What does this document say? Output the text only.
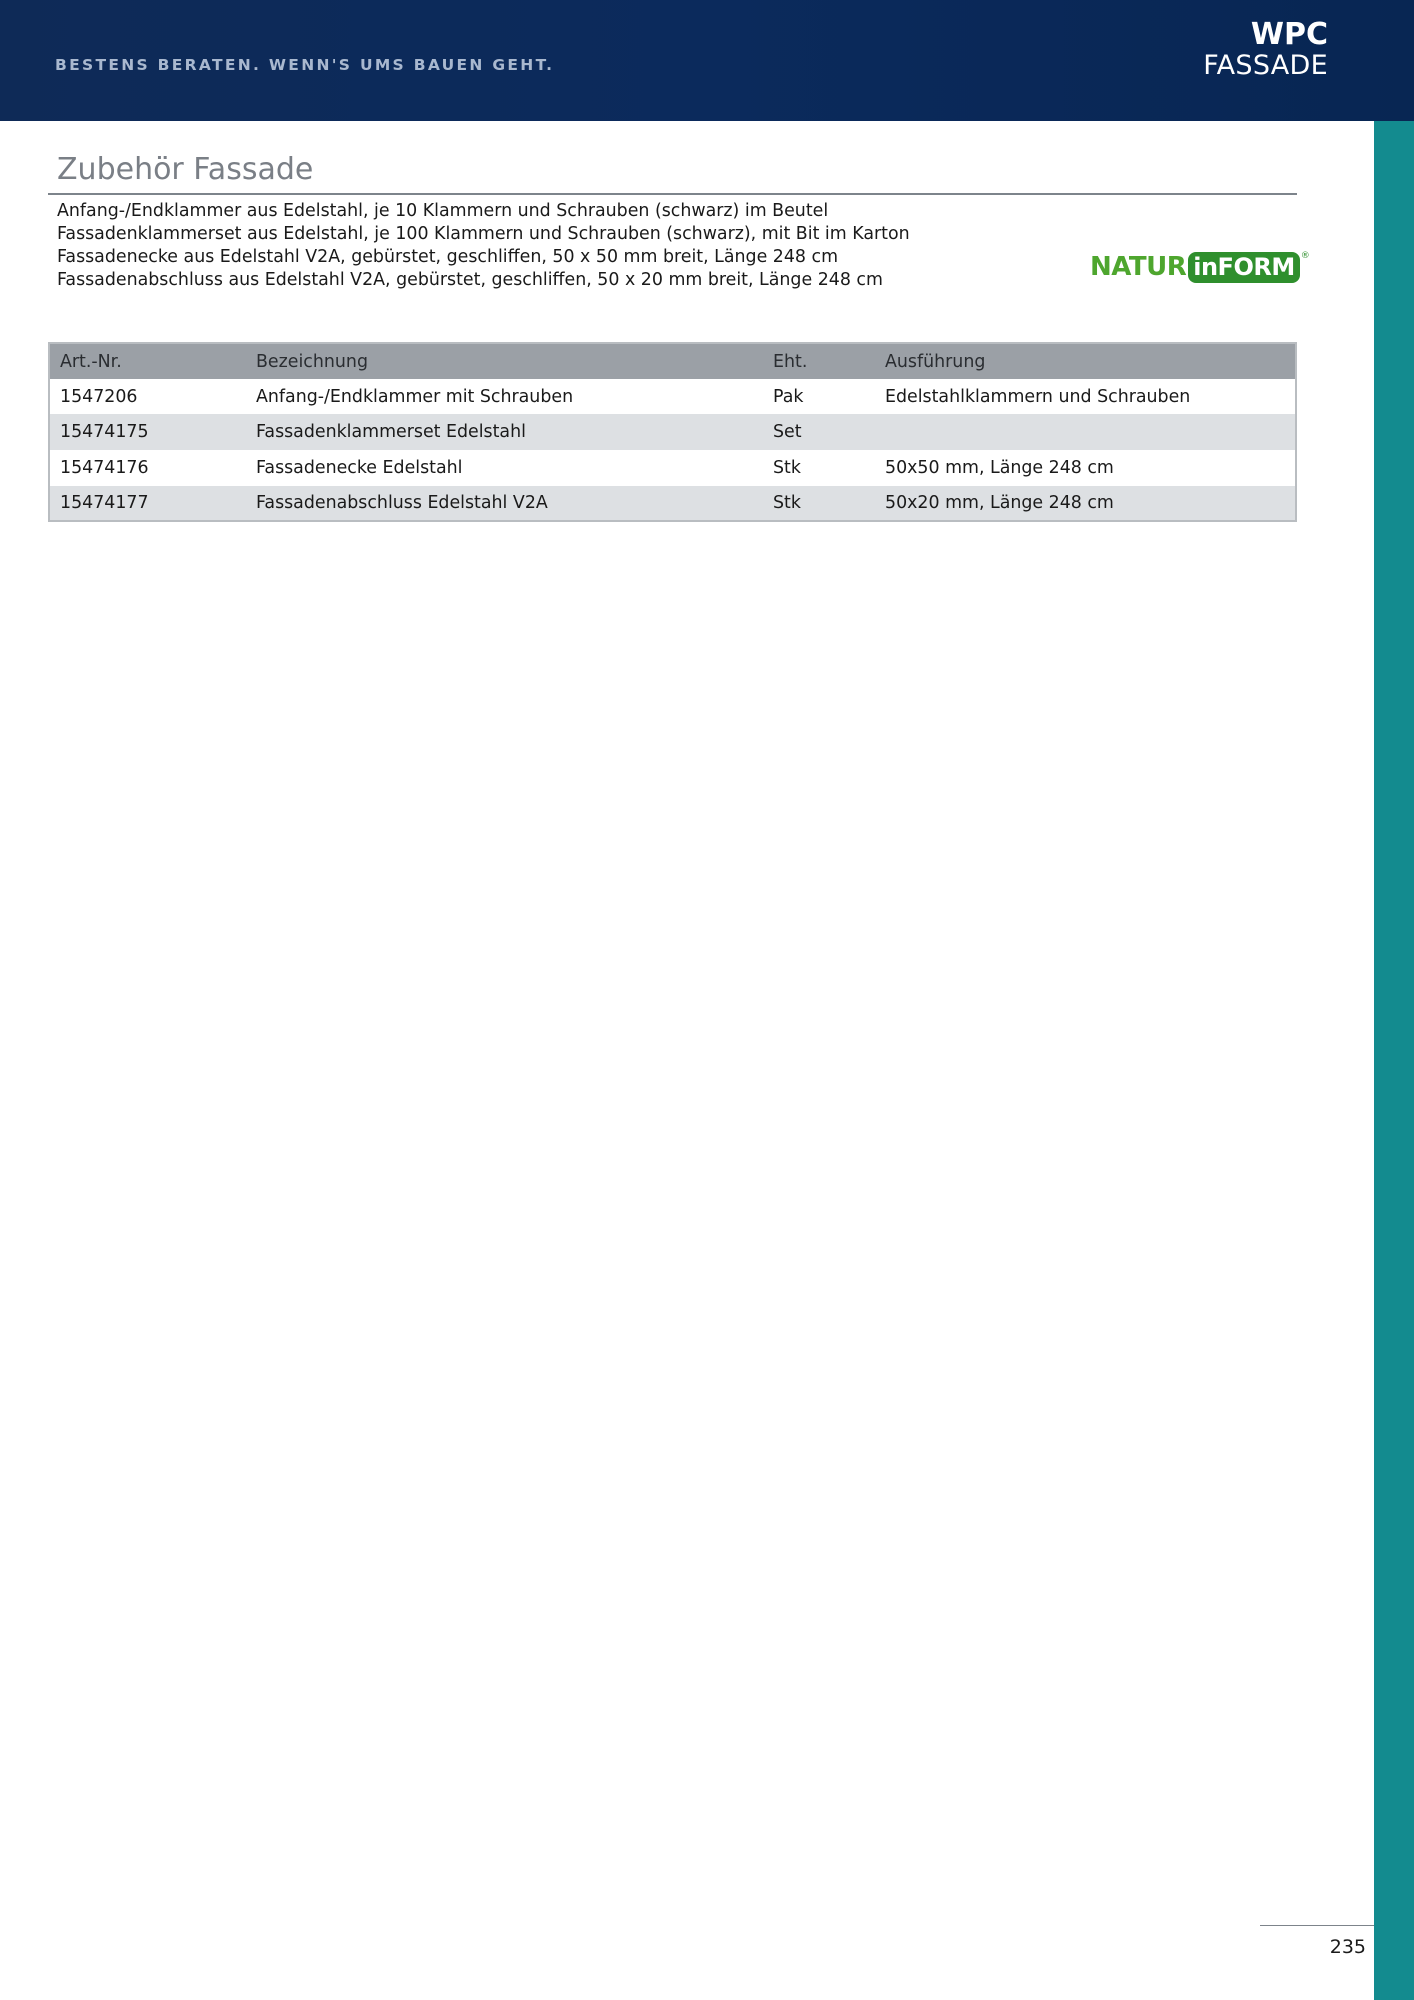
BESTENS BERATEN. WENN'S UMS BAUEN GEHT.
WPC
FASSADE
Zubehör Fassade
Anfang-/Endklammer aus Edelstahl, je 10 Klammern und Schrauben (schwarz) im Beutel
Fassadenklammerset aus Edelstahl, je 100 Klammern und Schrauben (schwarz), mit Bit im Karton
Fassadenecke aus Edelstahl V2A, gebürstet, geschliffen, 50 x 50 mm breit, Länge 248 cm
Fassadenabschluss aus Edelstahl V2A, gebürstet, geschliffen, 50 x 20 mm breit, Länge 248 cm	NATUR inFORM ®
Art.-Nr.	Bezeichnung	Eht.	Ausführung
1547206	Anfang-/Endklammer mit Schrauben	Pak	Edelstahlklammern und Schrauben
15474175	Fassadenklammerset Edelstahl	Set
15474176	Fassadenecke Edelstahl	Stk	50x50 mm, Länge 248 cm
15474177	Fassadenabschluss Edelstahl V2A	Stk	50x20 mm, Länge 248 cm
235
